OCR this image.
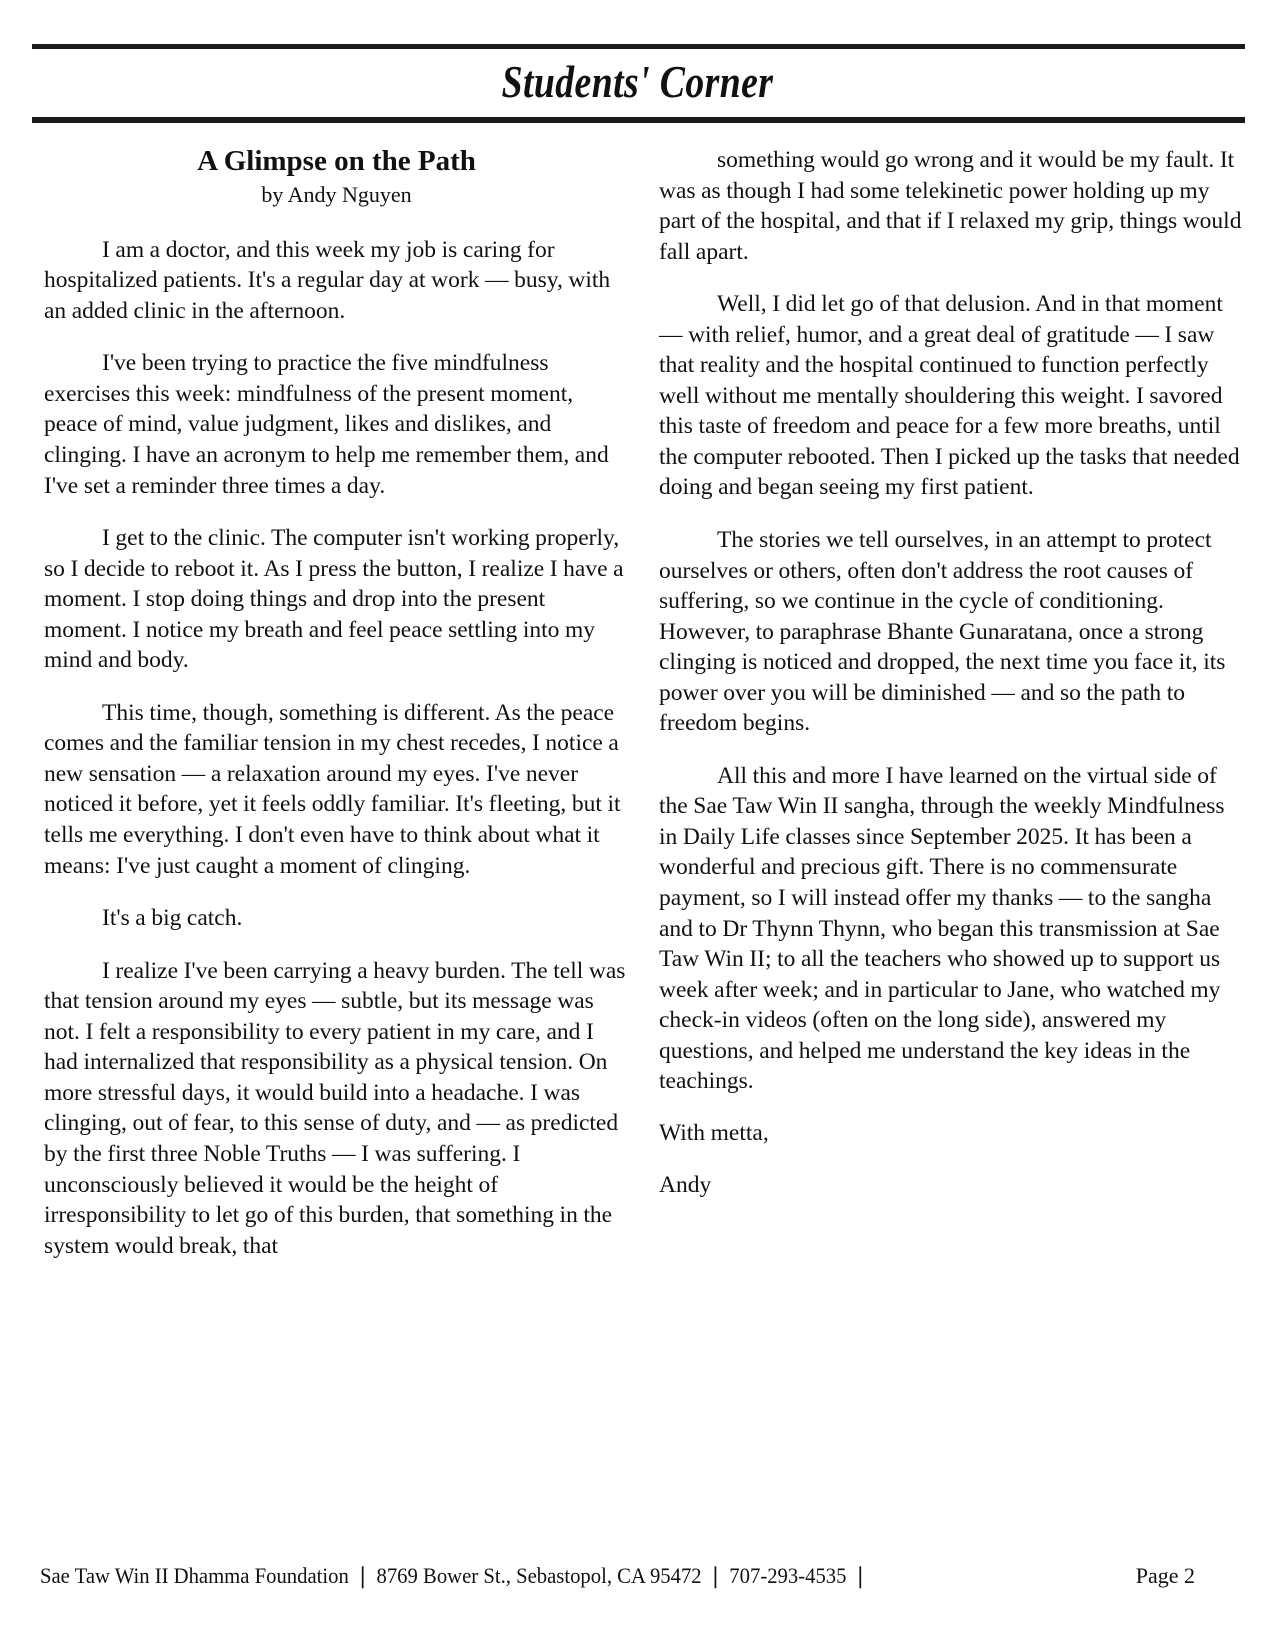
Students' Corner
A Glimpse on the Path
by Andy Nguyen

I am a doctor, and this week my job is caring for hospitalized patients. It's a regular day at work — busy, with an added clinic in the afternoon.

I've been trying to practice the five mindfulness exercises this week: mindfulness of the present moment, peace of mind, value judgment, likes and dislikes, and clinging. I have an acronym to help me remember them, and I've set a reminder three times a day.

I get to the clinic. The computer isn't working properly, so I decide to reboot it. As I press the button, I realize I have a moment. I stop doing things and drop into the present moment. I notice my breath and feel peace settling into my mind and body.

This time, though, something is different. As the peace comes and the familiar tension in my chest recedes, I notice a new sensation — a relaxation around my eyes. I've never noticed it before, yet it feels oddly familiar. It's fleeting, but it tells me everything. I don't even have to think about what it means: I've just caught a moment of clinging.

It's a big catch.

I realize I've been carrying a heavy burden. The tell was that tension around my eyes — subtle, but its message was not. I felt a responsibility to every patient in my care, and I had internalized that responsibility as a physical tension. On more stressful days, it would build into a headache. I was clinging, out of fear, to this sense of duty, and — as predicted by the first three Noble Truths — I was suffering. I unconsciously believed it would be the height of irresponsibility to let go of this burden, that something in the system would break, that

something would go wrong and it would be my fault. It was as though I had some telekinetic power holding up my part of the hospital, and that if I relaxed my grip, things would fall apart.

Well, I did let go of that delusion. And in that moment — with relief, humor, and a great deal of gratitude — I saw that reality and the hospital continued to function perfectly well without me mentally shouldering this weight. I savored this taste of freedom and peace for a few more breaths, until the computer rebooted. Then I picked up the tasks that needed doing and began seeing my first patient.

The stories we tell ourselves, in an attempt to protect ourselves or others, often don't address the root causes of suffering, so we continue in the cycle of conditioning. However, to paraphrase Bhante Gunaratana, once a strong clinging is noticed and dropped, the next time you face it, its power over you will be diminished — and so the path to freedom begins.

All this and more I have learned on the virtual side of the Sae Taw Win II sangha, through the weekly Mindfulness in Daily Life classes since September 2025. It has been a wonderful and precious gift. There is no commensurate payment, so I will instead offer my thanks — to the sangha and to Dr Thynn Thynn, who began this transmission at Sae Taw Win II; to all the teachers who showed up to support us week after week; and in particular to Jane, who watched my check-in videos (often on the long side), answered my questions, and helped me understand the key ideas in the teachings.

With metta,

Andy

Sae Taw Win II Dhamma Foundation ❘ 8769 Bower St., Sebastopol, CA 95472 ❘ 707-293-4535 ❘	Page 2
